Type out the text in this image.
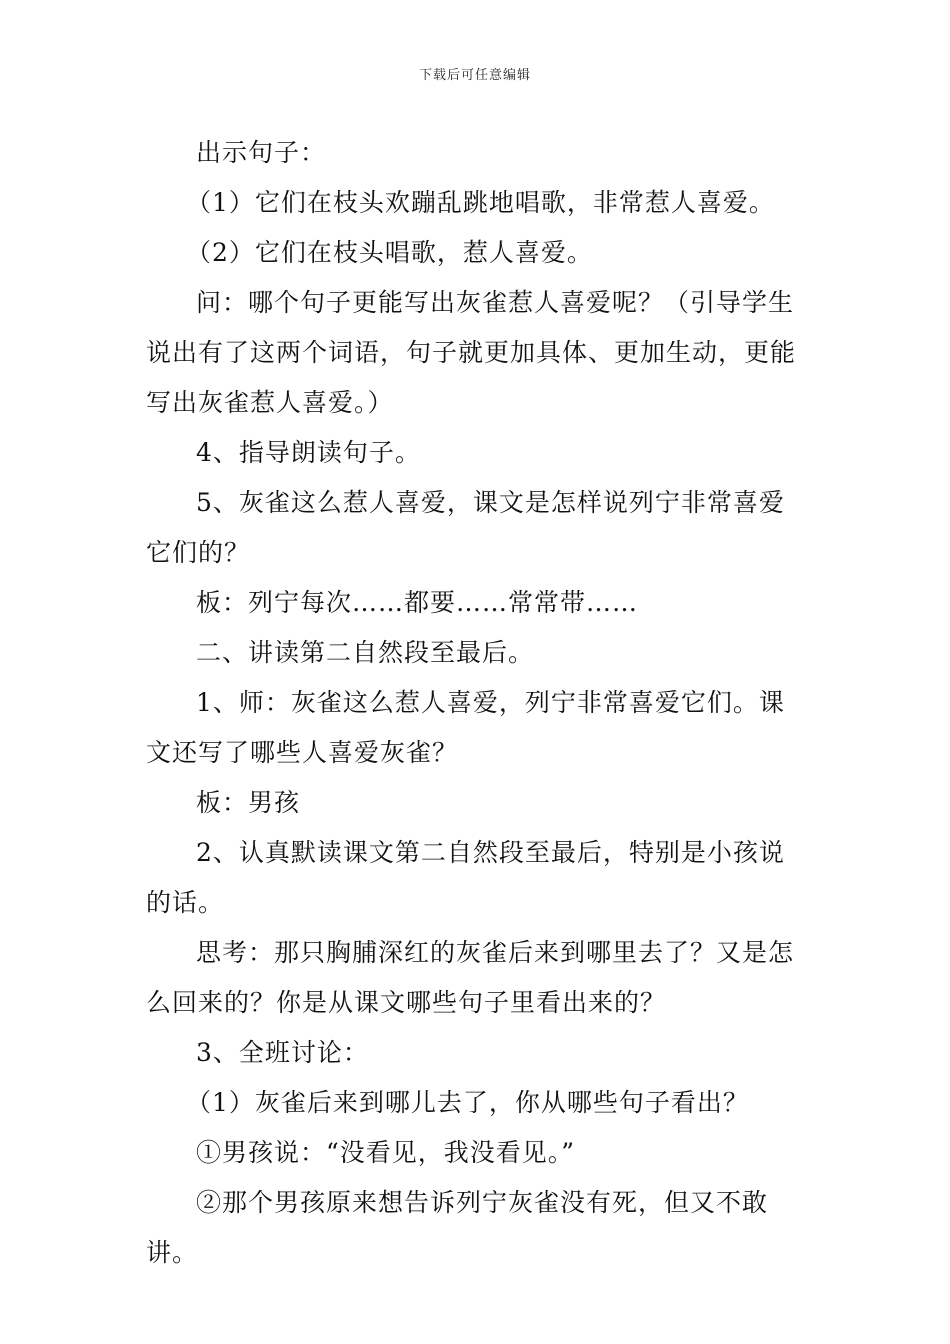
下载后可任意编辑

出示句子：

（1）它们在枝头欢蹦乱跳地唱歌，非常惹人喜爱。

（2）它们在枝头唱歌，惹人喜爱。

问：哪个句子更能写出灰雀惹人喜爱呢？（引导学生说出有了这两个词语，句子就更加具体、更加生动，更能写出灰雀惹人喜爱。）

4、指导朗读句子。

5、灰雀这么惹人喜爱，课文是怎样说列宁非常喜爱它们的？

板：列宁每次……都要……常常带……

二、讲读第二自然段至最后。

1、师：灰雀这么惹人喜爱，列宁非常喜爱它们。课文还写了哪些人喜爱灰雀？

板：男孩

2、认真默读课文第二自然段至最后，特别是小孩说的话。

思考：那只胸脯深红的灰雀后来到哪里去了？又是怎么回来的？你是从课文哪些句子里看出来的？

3、全班讨论：

（1）灰雀后来到哪儿去了，你从哪些句子看出？

①男孩说：“没看见，我没看见。”

②那个男孩原来想告诉列宁灰雀没有死，但又不敢讲。
